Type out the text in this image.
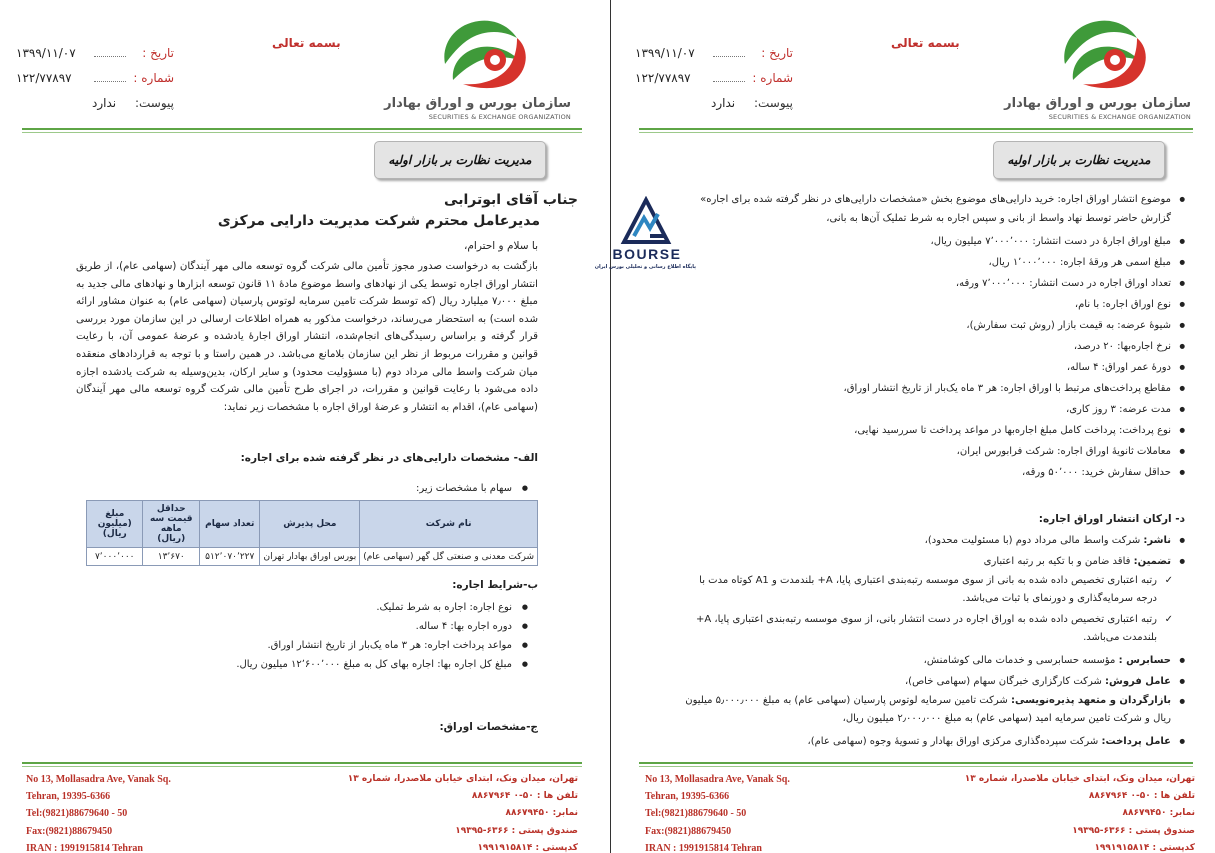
سازمان بورس و اوراق بهادار
SECURITIES & EXCHANGE ORGANIZATION
بسمه تعالی
تاریخ :
۱۳۹۹/۱۱/۰۷
شماره :
۱۲۲/۷۷۸۹۷
پیوست:
ندارد
مدیریت نظارت بر بازار اولیه
جناب آقای ابوترابی
مدیرعامل محترم شرکت مدیریت دارایی مرکزی
با سلام و احترام،
بازگشت به درخواست صدور مجوز تأمین مالی شرکت گروه توسعه مالی مهر آیندگان (سهامی عام)، از طریق انتشار اوراق اجاره توسط یکی از نهادهای واسط موضوع مادۀ ۱۱ قانون توسعه ابزارها و نهادهای مالی جدید به مبلغ ۷٫۰۰۰ میلیارد ریال (که توسط شرکت تامین سرمایه لوتوس پارسیان (سهامی عام) به عنوان مشاور ارائه شده است) به استحضار می‌رساند، درخواست مذکور به همراه اطلاعات ارسالی در این سازمان مورد بررسی قرار گرفته و براساس رسیدگی‌های انجام‌شده، انتشار اوراق اجارۀ یادشده و عرضۀ عمومی آن، با رعایت قوانین و مقررات مربوط از نظر این سازمان بلامانع می‌باشد. در همین راستا و با توجه به قراردادهای منعقده میان شرکت واسط مالی مرداد دوم (با مسؤولیت محدود) و سایر ارکان، بدین‌وسیله به شرکت یادشده اجازه داده می‌شود با رعایت قوانین و مقررات، در اجرای طرح تأمین مالی شرکت گروه توسعه مالی مهر آیندگان (سهامی عام)، اقدام به انتشار و عرضۀ اوراق اجاره با مشخصات زیر نماید:
الف- مشخصات دارایی‌های در نظر گرفته شده برای اجاره:
● سهام با مشخصات زیر:
نام شرکت	محل پذیرش	تعداد سهام	حداقل قیمت سه ماهه (ریال)	مبلغ (میلیون ریال)
شرکت معدنی و صنعتی گل گهر (سهامی عام)	بورس اوراق بهادار تهران	۵۱۲٬۰۷۰٬۲۲۷	۱۳٬۶۷۰	۷٬۰۰۰٬۰۰۰
ب-شرایط اجاره:
● نوع اجاره: اجاره به شرط تملیک.
● دوره اجاره بها: ۴ ساله.
● مواعد پرداخت اجاره: هر ۳ ماه یک‌بار از تاریخ انتشار اوراق.
● مبلغ کل اجاره بها: اجاره بهای کل به مبلغ ۱۲٬۶۰۰٬۰۰۰ میلیون ریال.
ج-مشخصات اوراق:
No 13, Mollasadra Ave, Vanak Sq.
Tehran, 19395-6366
Tel:(9821)88679640 - 50
Fax:(9821)88679450
IRAN : 1991915814 Tehran
تهران، میدان ونک، ابتدای خیابان ملاصدرا، شماره ۱۳
تلفن ها : ۵۰-۰ ۸۸۶۷۹۶۴
نمابر: ۸۸۶۷۹۴۵۰
صندوق پستی : ۶۳۶۶-۱۹۳۹۵
کدپستی : ۱۹۹۱۹۱۵۸۱۴
سازمان بورس و اوراق بهادار
SECURITIES & EXCHANGE ORGANIZATION
بسمه تعالی
تاریخ :
۱۳۹۹/۱۱/۰۷
شماره :
۱۲۲/۷۷۸۹۷
پیوست:
ندارد
مدیریت نظارت بر بازار اولیه
● موضوع انتشار اوراق اجاره: خرید دارایی‌های موضوع بخش «مشخصات دارایی‌های در نظر گرفته شده برای اجاره» گزارش حاضر توسط نهاد واسط از بانی و سپس اجاره به شرط تملیک آن‌ها به بانی،
● مبلغ اوراق اجارۀ در دست انتشار: ۷٬۰۰۰٬۰۰۰ میلیون ریال،
● مبلغ اسمی هر ورقۀ اجاره: ۱٬۰۰۰٬۰۰۰ ریال،
● تعداد اوراق اجاره در دست انتشار: ۷٬۰۰۰٬۰۰۰ ورقه،
● نوع اوراق اجاره: با نام،
● شیوۀ عرضه: به قیمت بازار (روش ثبت سفارش)،
● نرخ اجاره‌بها: ۲۰ درصد،
● دورۀ عمر اوراق: ۴ ساله،
● مقاطع پرداخت‌های مرتبط با اوراق اجاره: هر ۳ ماه یک‌بار از تاریخ انتشار اوراق،
● مدت عرضه: ۳ روز کاری،
● نوع پرداخت: پرداخت کامل مبلغ اجاره‌بها در مواعد پرداخت تا سررسید نهایی،
● معاملات ثانویۀ اوراق اجاره: شرکت فرابورس ایران،
● حداقل سفارش خرید: ۵۰٬۰۰۰ ورقه،
د- ارکان انتشار اوراق اجاره:
● ناشر: شرکت واسط مالی مرداد دوم (با مسئولیت محدود)،
● تضمین: فاقد ضامن و با تکیه بر رتبه اعتباری
✓ رتبه اعتباری تخصیص داده شده به بانی از سوی موسسه رتبه‌بندی اعتباری پایا، A+ بلندمدت و A1 کوتاه مدت با درجه سرمایه‌گذاری و دورنمای با ثبات می‌باشد.
✓ رتبه اعتباری تخصیص داده شده به اوراق اجاره در دست انتشار بانی، از سوی موسسه رتبه‌بندی اعتباری پایا، A+ بلندمدت می‌باشد.
● حسابرس : مؤسسه حسابرسی و خدمات مالی کوشامنش،
● عامل فروش: شرکت کارگزاری خبرگان سهام (سهامی خاص)،
● بازارگردان و متعهد پذیره‌نویسی: شرکت تامین سرمایه لوتوس پارسیان (سهامی عام) به مبلغ ۵٫۰۰۰٫۰۰۰ میلیون ریال و شرکت تامین سرمایه امید (سهامی عام) به مبلغ ۲٫۰۰۰٫۰۰۰ میلیون ریال،
● عامل پرداخت: شرکت سپرده‌گذاری مرکزی اوراق بهادار و تسویۀ وجوه (سهامی عام)،
No 13, Mollasadra Ave, Vanak Sq.
Tehran, 19395-6366
Tel:(9821)88679640 - 50
Fax:(9821)88679450
IRAN : 1991915814 Tehran
تهران، میدان ونک، ابتدای خیابان ملاصدرا، شماره ۱۳
تلفن ها : ۵۰-۰ ۸۸۶۷۹۶۴
نمابر: ۸۸۶۷۹۴۵۰
صندوق پستی : ۶۳۶۶-۱۹۳۹۵
کدپستی : ۱۹۹۱۹۱۵۸۱۴
BOURSE
پایگاه اطلاع رسانی و تحلیلی بورس ایران
